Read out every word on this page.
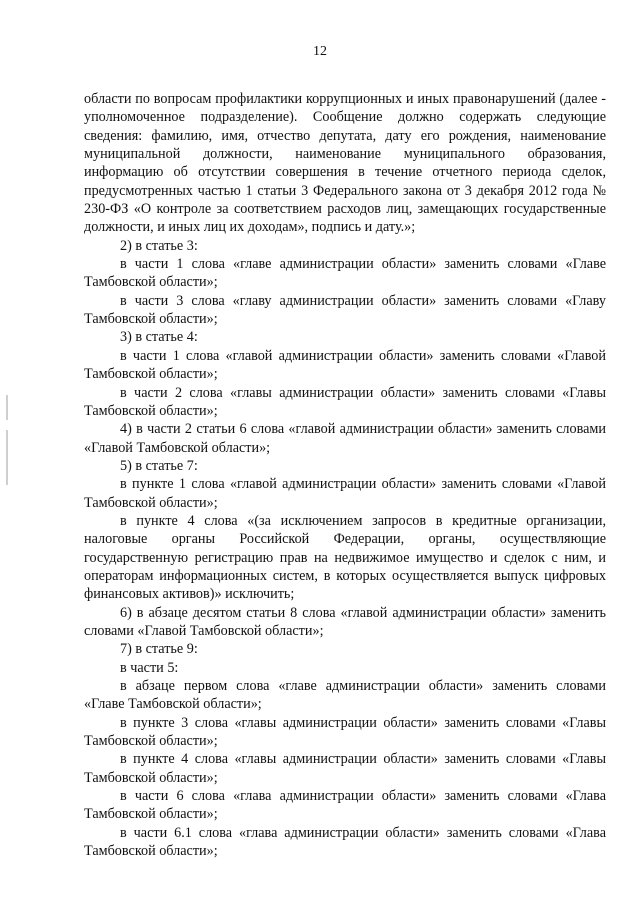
12

области по вопросам профилактики коррупционных и иных правонарушений (далее - уполномоченное подразделение). Сообщение должно содержать следующие сведения: фамилию, имя, отчество депутата, дату его рождения, наименование муниципальной должности, наименование муниципального образования, информацию об отсутствии совершения в течение отчетного периода сделок, предусмотренных частью 1 статьи 3 Федерального закона от 3 декабря 2012 года № 230-ФЗ «О контроле за соответствием расходов лиц, замещающих государственные должности, и иных лиц их доходам», подпись и дату.»;

2) в статье 3:

в части 1 слова «главе администрации области» заменить словами «Главе Тамбовской области»;

в части 3 слова «главу администрации области» заменить словами «Главу Тамбовской области»;

3) в статье 4:

в части 1 слова «главой администрации области» заменить словами «Главой Тамбовской области»;

в части 2 слова «главы администрации области» заменить словами «Главы Тамбовской области»;

4) в части 2 статьи 6 слова «главой администрации области» заменить словами «Главой Тамбовской области»;

5) в статье 7:

в пункте 1 слова «главой администрации области» заменить словами «Главой Тамбовской области»;

в пункте 4 слова «(за исключением запросов в кредитные организации, налоговые органы Российской Федерации, органы, осуществляющие государственную регистрацию прав на недвижимое имущество и сделок с ним, и операторам информационных систем, в которых осуществляется выпуск цифровых финансовых активов)» исключить;

6) в абзаце десятом статьи 8 слова «главой администрации области» заменить словами «Главой Тамбовской области»;

7) в статье 9:

в части 5:

в абзаце первом слова «главе администрации области» заменить словами «Главе Тамбовской области»;

в пункте 3 слова «главы администрации области» заменить словами «Главы Тамбовской области»;

в пункте 4 слова «главы администрации области» заменить словами «Главы Тамбовской области»;

в части 6 слова «глава администрации области» заменить словами «Глава Тамбовской области»;

в части 6.1 слова «глава администрации области» заменить словами «Глава Тамбовской области»;
